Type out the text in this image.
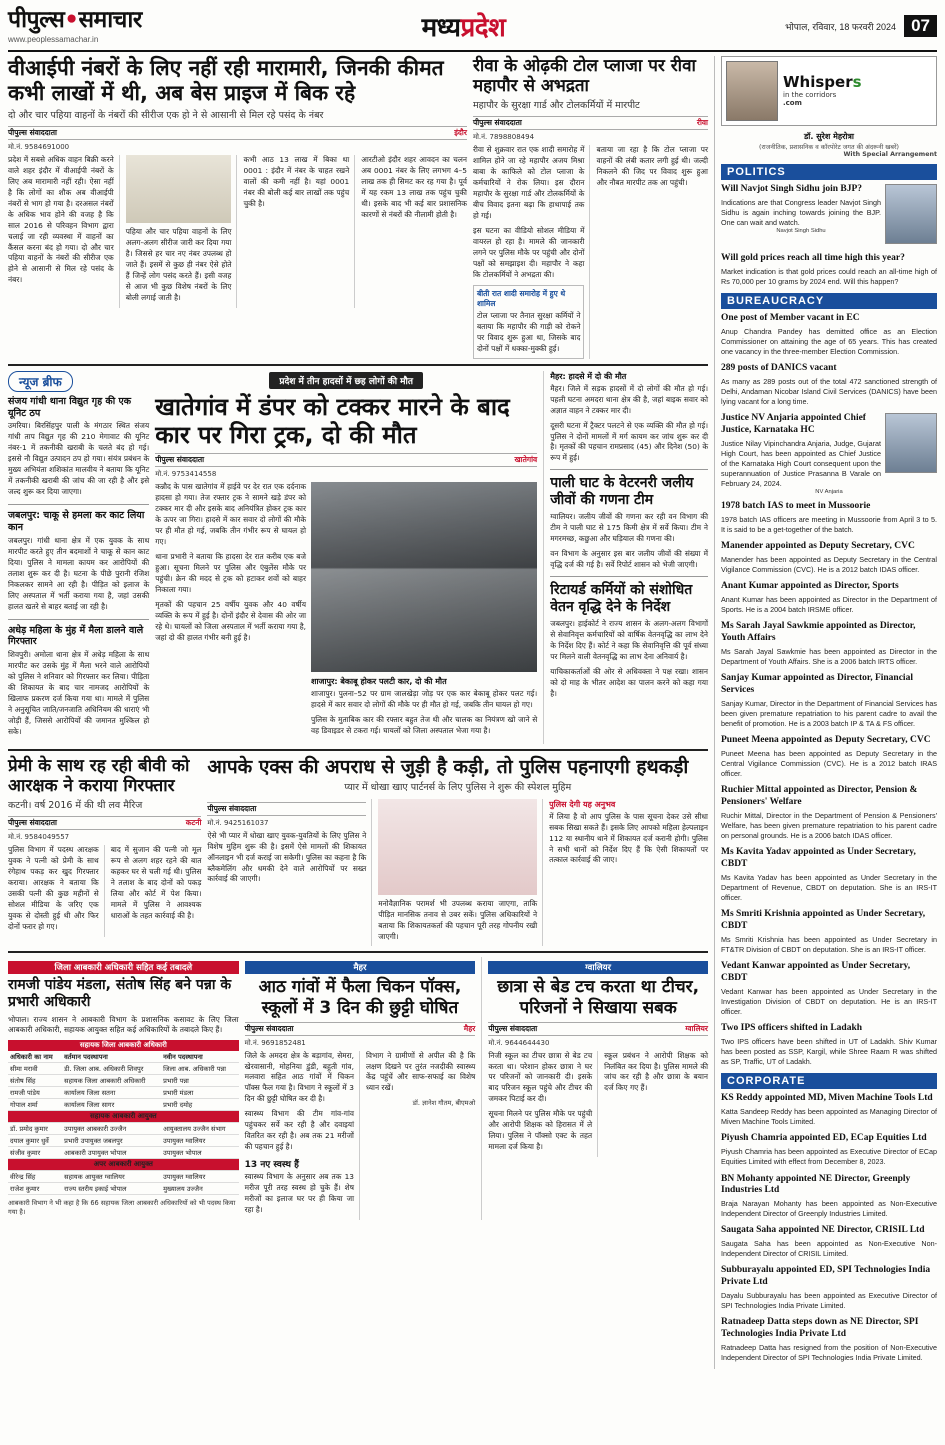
पीपुल्स•समाचार
www.peoplessamachar.in	मध्यप्रदेश	भोपाल, रविवार, 18 फरवरी 2024 07
वीआईपी नंबरों के लिए नहीं रही मारामारी, जिनकी कीमत कभी लाखों में थी, अब बेस प्राइज में बिक रहे

दो और चार पहिया वाहनों के नंबरों की सीरीज एक हो ने से आसानी से मिल रहे पसंद के नंबर

पीपुल्स संवाददाता	इंदौर
मो.नं. 9584691000

प्रदेश में सबसे अधिक वाहन बिक्री करने वाले शहर इंदौर में वीआईपी नंबरों के लिए अब मारामारी नहीं रही। ऐसा नहीं है कि लोगों का शौक अब वीआईपी नंबरों से भाग हो गया है। दरअसल नंबरों के अधिक भाव होने की वजह है कि साल 2016 से परिवहन विभाग द्वारा चलाई जा रही व्यवस्था में वाहनों का कैंसल करना बंद हो गया। दो और चार पहिया वाहनों के नंबरों की सीरीज एक होने से आसानी से मिल रहे पसंद के नंबर।

पहिया और चार पहिया वाहनों के लिए अलग-अलग सीरीज जारी कर दिया गया है। जिससे हर चार नए नंबर उपलब्ध हो जाते हैं। इसमें से कुछ ही नंबर ऐसे होते हैं जिन्हें लोग पसंद करते हैं। इसी वजह से आज भी कुछ विशेष नंबरों के लिए बोली लगाई जाती है।

कभी आठ 13 लाख में बिका था 0001 : इंदौर में नंबर के चाहत रखने वालों की कमी नहीं है। यहां 0001 नंबर की बोली कई बार लाखों तक पहुंच चुकी है।

आरटीओ इंदौर शहर आवदन का चलन अब 0001 नंबर के लिए लगभग 4–5 लाख तक ही सिमट कर रह गया है। पूर्व में यह रकम 13 लाख तक पहुंच चुकी थी। इसके बाद भी कई बार प्रशासनिक कारणों से नंबरों की नीलामी होती है।

रीवा के ओढ़की टोल प्लाजा पर रीवा महापौर से अभद्रता

महापौर के सुरक्षा गार्ड और टोलकर्मियों में मारपीट

पीपुल्स संवाददाता	रीवा
मो.नं. 7898808494

रीवा से शुक्रवार रात एक शादी समारोह में शामिल होने जा रहे महापौर अजय मिश्रा बाबा के काफिले को टोल प्लाजा के कर्मचारियों ने रोक लिया। इस दौरान महापौर के सुरक्षा गार्ड और टोलकर्मियों के बीच विवाद इतना बढ़ा कि हाथापाई तक हो गई।

इस घटना का वीडियो सोशल मीडिया में वायरल हो रहा है। मामले की जानकारी लगने पर पुलिस मौके पर पहुंची और दोनों पक्षों को समझाइश दी। महापौर ने कहा कि टोलकर्मियों ने अभद्रता की।

बीती रात शादी समारोह में हुए थे शामिल

टोल प्लाजा पर तैनात सुरक्षा कर्मियों ने बताया कि महापौर की गाड़ी को रोकने पर विवाद शुरू हुआ था, जिसके बाद दोनों पक्षों में धक्का-मुक्की हुई।

बताया जा रहा है कि टोल प्लाजा पर वाहनों की लंबी कतार लगी हुई थी। जल्दी निकलने की जिद पर विवाद शुरू हुआ और नौबत मारपीट तक आ पहुंची।

न्यूज ब्रीफ
संजय गांधी थाना विद्युत गृह की एक यूनिट ठप

उमरिया। बिरसिंहपुर पाली के मंगठार स्थित संजय गांधी ताप विद्युत गृह की 210 मेगावाट की यूनिट नंबर-1 में तकनीकी खराबी के चलते बंद हो गई। इससे नौ विद्युत उत्पादन ठप हो गया। संयंत्र प्रबंधन के मुख्य अभियंता शशिकांत मालवीय ने बताया कि यूनिट में तकनीकी खराबी की जांच की जा रही है और इसे जल्द शुरू कर दिया जाएगा।

जबलपुर: चाकू से हमला कर काट लिया कान

जबलपुर। गांधी थाना क्षेत्र में एक युवक के साथ मारपीट करते हुए तीन बदमाशों ने चाकू से कान काट दिया। पुलिस ने मामला कायम कर आरोपियों की तलाश शुरू कर दी है। घटना के पीछे पुरानी रंजिश निकलकर सामने आ रही है। पीड़ित को इलाज के लिए अस्पताल में भर्ती कराया गया है, जहां उसकी हालत खतरे से बाहर बताई जा रही है।

अधेड़ महिला के मुंह में मैला डालने वाले गिरफ्तार

शिवपुरी। अमोला थाना क्षेत्र में अधेड़ महिला के साथ मारपीट कर उसके मुंह में मैला भरने वाले आरोपियों को पुलिस ने शनिवार को गिरफ्तार कर लिया। पीड़िता की शिकायत के बाद चार नामजद आरोपियों के खिलाफ प्रकरण दर्ज किया गया था। मामले में पुलिस ने अनुसूचित जाति/जनजाति अधिनियम की धाराएं भी जोड़ी हैं, जिससे आरोपियों की जमानत मुश्किल हो सके।

प्रदेश में तीन हादसों में छह लोगों की मौत
खातेगांव में डंपर को टक्कर मारने के बाद कार पर गिरा ट्रक, दो की मौत
पीपुल्स संवाददाता	खातेगांव
मो.नं. 9753414558

कन्नौद के पास खातेगांव में हाईवे पर देर रात एक दर्दनाक हादसा हो गया। तेज रफ्तार ट्रक ने सामने खड़े डंपर को टक्कर मार दी और इसके बाद अनियंत्रित होकर ट्रक कार के ऊपर जा गिरा। हादसे में कार सवार दो लोगों की मौके पर ही मौत हो गई, जबकि तीन गंभीर रूप से घायल हो गए।

थाना प्रभारी ने बताया कि हादसा देर रात करीब एक बजे हुआ। सूचना मिलने पर पुलिस और एंबुलेंस मौके पर पहुंची। क्रेन की मदद से ट्रक को हटाकर शवों को बाहर निकाला गया।

मृतकों की पहचान 25 वर्षीय युवक और 40 वर्षीय व्यक्ति के रूप में हुई है। दोनों इंदौर से देवास की ओर जा रहे थे। घायलों को जिला अस्पताल में भर्ती कराया गया है, जहां दो की हालत गंभीर बनी हुई है।

शाजापुर: बेकाबू होकर पलटी कार, दो की मौत

शाजापुर। पुलना–52 पर ग्राम जालखेड़ा जोड़ पर एक कार बेकाबू होकर पलट गई। हादसे में कार सवार दो लोगों की मौके पर ही मौत हो गई, जबकि तीन घायल हो गए।

पुलिस के मुताबिक कार की रफ्तार बहुत तेज थी और चालक का नियंत्रण खो जाने से वह डिवाइडर से टकरा गई। घायलों को जिला अस्पताल भेजा गया है।

मैहर: हादसे में दो की मौत

मैहर। जिले में सड़क हादसों में दो लोगों की मौत हो गई। पहली घटना अमदरा थाना क्षेत्र की है, जहां बाइक सवार को अज्ञात वाहन ने टक्कर मार दी।

दूसरी घटना में ट्रैक्टर पलटने से एक व्यक्ति की मौत हो गई। पुलिस ने दोनों मामलों में मर्ग कायम कर जांच शुरू कर दी है। मृतकों की पहचान रामप्रसाद (45) और दिनेश (50) के रूप में हुई।

पाली घाट के वेटरनरी जलीय जीवों की गणना टीम

ग्वालियर। जलीय जीवों की गणना कर रही वन विभाग की टीम ने पाली घाट से 175 किमी क्षेत्र में सर्वे किया। टीम ने मगरमच्छ, कछुआ और घड़ियाल की गणना की।

वन विभाग के अनुसार इस बार जलीय जीवों की संख्या में वृद्धि दर्ज की गई है। सर्वे रिपोर्ट शासन को भेजी जाएगी।

रिटायर्ड कर्मियों को संशोधित वेतन वृद्धि देने के निर्देश

जबलपुर। हाईकोर्ट ने राज्य शासन के अलग-अलग विभागों से सेवानिवृत्त कर्मचारियों को वार्षिक वेतनवृद्धि का लाभ देने के निर्देश दिए हैं। कोर्ट ने कहा कि सेवानिवृत्ति की पूर्व संध्या पर मिलने वाली वेतनवृद्धि का लाभ देना अनिवार्य है।

याचिकाकर्ताओं की ओर से अधिवक्ता ने पक्ष रखा। शासन को दो माह के भीतर आदेश का पालन करने को कहा गया है।

प्रेमी के साथ रह रही बीवी को आरक्षक ने कराया गिरफ्तार

कटनी। वर्ष 2016 में की थी लव मैरिज

पीपुल्स संवाददाता	कटनी
मो.नं. 9584049557

पुलिस विभाग में पदस्थ आरक्षक युवक ने पत्नी को प्रेमी के साथ रंगेहाथ पकड़ कर खुद गिरफ्तार कराया। आरक्षक ने बताया कि उसकी पत्नी की कुछ महीनों से सोशल मीडिया के जरिए एक युवक से दोस्ती हुई थी और फिर दोनों फरार हो गए।

बाद में सुजान की पत्नी जो मूल रूप से अलग शहर रहने की बात कहकर घर से चली गई थी। पुलिस ने तलाश के बाद दोनों को पकड़ लिया और कोर्ट में पेश किया। मामले में पुलिस ने आवश्यक धाराओं के तहत कार्रवाई की है।

आपके एक्स की अपराध से जुड़ी है कड़ी, तो पुलिस पहनाएगी हथकड़ी

प्यार में धोखा खाए पार्टनर्स के लिए पुलिस ने शुरू की स्पेशल मुहिम

पीपुल्स संवाददाता
मो.नं. 9425161037

ऐसे भी प्यार में धोखा खाए युवक-युवतियों के लिए पुलिस ने विशेष मुहिम शुरू की है। इसमें ऐसे मामलों की शिकायत ऑनलाइन भी दर्ज कराई जा सकेगी। पुलिस का कहना है कि ब्लैकमेलिंग और धमकी देने वाले आरोपियों पर सख्त कार्रवाई की जाएगी।

मनोवैज्ञानिक परामर्श भी उपलब्ध कराया जाएगा, ताकि पीड़ित मानसिक तनाव से उबर सकें। पुलिस अधिकारियों ने बताया कि शिकायतकर्ता की पहचान पूरी तरह गोपनीय रखी जाएगी।

पुलिस देगी यह अनुभव

में लिया है वो आप पुलिस के पास सूचना देकर उसे सीधा सबक सिखा सकते हैं। इसके लिए आपको महिला हेल्पलाइन 112 या स्थानीय थाने में शिकायत दर्ज करानी होगी। पुलिस ने सभी थानों को निर्देश दिए हैं कि ऐसी शिकायतों पर तत्काल कार्रवाई की जाए।

जिला आबकारी अधिकारी सहित कई तबादले
रामजी पांडेय मंडला, संतोष सिंह बने पन्ना के प्रभारी अधिकारी

भोपाल। राज्य शासन ने आबकारी विभाग के प्रशासनिक कसावट के लिए जिला आबकारी अधिकारी, सहायक आयुक्त सहित कई अधिकारियों के तबादले किए हैं।

सहायक जिला आबकारी अधिकारी		
अधिकारी का नाम	वर्तमान पदस्थापना	नवीन पदस्थापना
सीमा मरावी	डी. जिला आब. अधिकारी शिवपुर	जिला आब. अधिकारी पन्ना
संतोष सिंह	सहायक जिला आबकारी अधिकारी	प्रभारी पन्ना
रामजी पांडेय	कार्यालय जिला सतना	प्रभारी मंडला
गोपाल शर्मा	कार्यालय जिला सागर	प्रभारी दमोह
सहायक आबकारी आयुक्त		
डॉ. प्रमोद कुमार	उपायुक्त आबकारी उज्जैन	आयुक्तालय उज्जैन संभाग
दयाल कुमार धुर्वे	प्रभारी उपायुक्त जबलपुर	उपायुक्त ग्वालियर
संजीव कुमार	आबकारी उपायुक्त भोपाल	उपायुक्त भोपाल
अपर आबकारी आयुक्त		
वीरेन्द्र सिंह	सहायक आयुक्त ग्वालियर	उपायुक्त ग्वालियर
राजेश कुमार	राज्य स्तरीय इकाई भोपाल	मुख्यालय उज्जैन
आबकारी विभाग ने भी कहा है कि 66 सहायक जिला आबकारी अधिकारियों को भी पदस्थ किया गया है।
मैहर
आठ गांवों में फैला चिकन पॉक्स, स्कूलों में 3 दिन की छुट्टी घोषित
पीपुल्स संवाददाता	मैहर
मो.नं. 9691852481

जिले के अमदरा क्षेत्र के बड़ागांव, सेमरा, खेरवासानी, मोहनिया डुंडी, बहुती गांव, मलवारा सहित आठ गांवों में चिकन पॉक्स फैल गया है। विभाग ने स्कूलों में 3 दिन की छुट्टी घोषित कर दी है।

स्वास्थ्य विभाग की टीम गांव-गांव पहुंचकर सर्वे कर रही है और दवाइयां वितरित कर रही है। अब तक 21 मरीजों की पहचान हुई है।

13 नए स्वस्थ हैं

स्वास्थ्य विभाग के अनुसार अब तक 13 मरीज पूरी तरह स्वस्थ हो चुके हैं। शेष मरीजों का इलाज घर पर ही किया जा रहा है।

विभाग ने ग्रामीणों से अपील की है कि लक्षण दिखने पर तुरंत नजदीकी स्वास्थ्य केंद्र पहुंचें और साफ-सफाई का विशेष ध्यान रखें।

डॉ. ज्ञानेश गौतम, बीएमओ
ग्वालियर
छात्रा से बेड टच करता था टीचर, परिजनों ने सिखाया सबक
पीपुल्स संवाददाता	ग्वालियर
मो.नं. 9644644430

निजी स्कूल का टीचर छात्रा से बेड टच करता था। परेशान होकर छात्रा ने घर पर परिजनों को जानकारी दी। इसके बाद परिजन स्कूल पहुंचे और टीचर की जमकर पिटाई कर दी।

सूचना मिलने पर पुलिस मौके पर पहुंची और आरोपी शिक्षक को हिरासत में ले लिया। पुलिस ने पॉक्सो एक्ट के तहत मामला दर्ज किया है।

स्कूल प्रबंधन ने आरोपी शिक्षक को निलंबित कर दिया है। पुलिस मामले की जांच कर रही है और छात्रा के बयान दर्ज किए गए हैं।

Whispers
in the corridors
.com
डॉ. सुरेश मेहरोत्रा
(राजनीतिक, प्रशासनिक व कॉरपोरेट जगत की अंदरूनी खबरें)
With Special Arrangement
POLITICS
Will Navjot Singh Sidhu join BJP?
Indications are that Congress leader Navjot Singh Sidhu is again inching towards joining the BJP. One can wait and watch.
Navjot Singh Sidhu
Will gold prices reach all time high this year?
Market indication is that gold prices could reach an all-time high of Rs 70,000 per 10 grams by 2024 end. Will this happen?
BUREAUCRACY
One post of Member vacant in EC
Anup Chandra Pandey has demitted office as an Election Commissioner on attaining the age of 65 years. This has created one vacancy in the three-member Election Commission.
289 posts of DANICS vacant
As many as 289 posts out of the total 472 sanctioned strength of Delhi, Andaman Nicobar Island Civil Services (DANICS) have been lying vacant for a long time.
Justice NV Anjaria appointed Chief Justice, Karnataka HC
Justice Nilay Vipinchandra Anjaria, Judge, Gujarat High Court, has been appointed as Chief Justice of the Karnataka High Court consequent upon the superannuation of Justice Prasanna B Varale on February 24, 2024.
NV Anjaria
1978 batch IAS to meet in Mussoorie
1978 batch IAS officers are meeting in Mussoorie from April 3 to 5. It is said to be a get-together of the batch.
Manender appointed as Deputy Secretary, CVC
Manender has been appointed as Deputy Secretary in the Central Vigilance Commission (CVC). He is a 2012 batch IDAS officer.
Anant Kumar appointed as Director, Sports
Anant Kumar has been appointed as Director in the Department of Sports. He is a 2004 batch IRSME officer.
Ms Sarah Jayal Sawkmie appointed as Director, Youth Affairs
Ms Sarah Jayal Sawkmie has been appointed as Director in the Department of Youth Affairs. She is a 2006 batch IRTS officer.
Sanjay Kumar appointed as Director, Financial Services
Sanjay Kumar, Director in the Department of Financial Services has been given premature repatriation to his parent cadre to avail the benefit of promotion. He is a 2003 batch IP & TA & FS officer.
Puneet Meena appointed as Deputy Secretary, CVC
Puneet Meena has been appointed as Deputy Secretary in the Central Vigilance Commission (CVC). He is a 2012 batch IRAS officer.
Ruchier Mittal appointed as Director, Pension & Pensioners' Welfare
Ruchir Mittal, Director in the Department of Pension & Pensioners' Welfare, has been given premature repatriation to his parent cadre on personal grounds. He is a 2006 batch IDAS officer.
Ms Kavita Yadav appointed as Under Secretary, CBDT
Ms Kavita Yadav has been appointed as Under Secretary in the Department of Revenue, CBDT on deputation. She is an IRS-IT officer.
Ms Smriti Krishnia appointed as Under Secretary, CBDT
Ms Smriti Krishnia has been appointed as Under Secretary in FT&TR Division of CBDT on deputation. She is an IRS-IT officer.
Vedant Kanwar appointed as Under Secretary, CBDT
Vedant Kanwar has been appointed as Under Secretary in the Investigation Division of CBDT on deputation. He is an IRS-IT officer.
Two IPS officers shifted in Ladakh
Two IPS officers have been shifted in UT of Ladakh. Shiv Kumar has been posted as SSP, Kargil, while Shree Raam R was shifted as SP, Traffic, UT of Ladakh.
CORPORATE
KS Reddy appointed MD, Miven Machine Tools Ltd
Katta Sandeep Reddy has been appointed as Managing Director of Miven Machine Tools Limited.
Piyush Chamria appointed ED, ECap Equities Ltd
Piyush Chamria has been appointed as Executive Director of ECap Equities Limited with effect from December 8, 2023.
BN Mohanty appointed NE Director, Greenply Industries Ltd
Braja Narayan Mohanty has been appointed as Non-Executive Independent Director of Greenply Industries Limited.
Saugata Saha appointed NE Director, CRISIL Ltd
Saugata Saha has been appointed as Non-Executive Non-Independent Director of CRISIL Limited.
Subburayalu appointed ED, SPI Technologies India Private Ltd
Dayalu Subburayalu has been appointed as Executive Director of SPI Technologies India Private Limited.
Ratnadeep Datta steps down as NE Director, SPI Technologies India Private Ltd
Ratnadeep Datta has resigned from the position of Non-Executive Independent Director of SPI Technologies India Private Limited.
